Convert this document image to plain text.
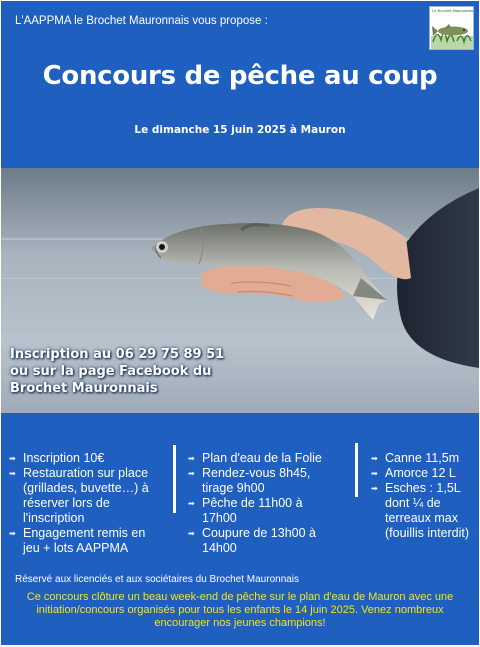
L'AAPPMA le Brochet Mauronnais vous propose :
Le Brochet Mauronnais
Concours de pêche au coup
Le dimanche 15 juin 2025 à Mauron
Inscription au 06 29 75 89 51
ou sur la page Facebook du
Brochet Mauronnais
➡ Inscription 10€
➡ Restauration sur place
(grillades, buvette…) à
réserver lors de
l'inscription
➡ Engagement remis en
jeu + lots AAPPMA
➡ Plan d'eau de la Folie
➡ Rendez-vous 8h45,
tirage 9h00
➡ Pêche de 11h00 à
17h00
➡ Coupure de 13h00 à
14h00
➡ Canne 11,5m
➡ Amorce 12 L
➡ Esches : 1,5L
dont ¼ de
terreaux max
(fouillis interdit)
Réservé aux licenciés et aux sociétaires du Brochet Mauronnais
Ce concours clôture un beau week-end de pêche sur le plan d'eau de Mauron avec une
initiation/concours organisés pour tous les enfants le 14 juin 2025. Venez nombreux
encourager nos jeunes champions!
